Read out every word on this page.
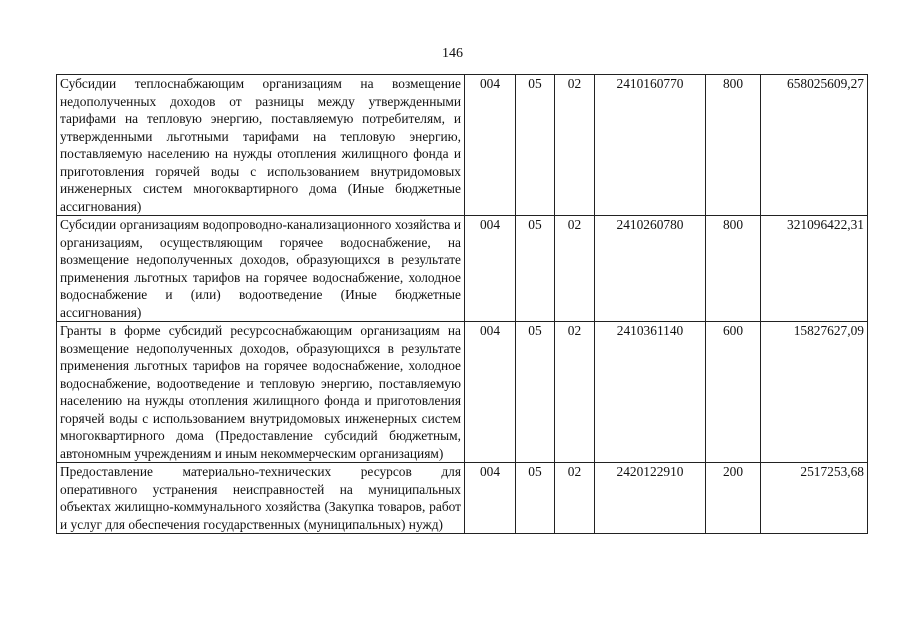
146
Субсидии теплоснабжающим организациям на возмещение недополученных доходов от разницы между утвержденными тарифами на тепловую энергию, поставляемую потребителям, и утвержденными льготными тарифами на тепловую энергию, поставляемую населению на нужды отопления жилищного фонда и приготовления горячей воды с использованием внутридомовых инженерных систем многоквартирного дома (Иные бюджетные ассигнования)	004	05	02	2410160770	800	658025609,27
Субсидии организациям водопроводно-канализационного хозяйства и организациям, осуществляющим горячее водоснабжение, на возмещение недополученных доходов, образующихся в результате применения льготных тарифов на горячее водоснабжение, холодное водоснабжение и (или) водоотведение (Иные бюджетные ассигнования)	004	05	02	2410260780	800	321096422,31
Гранты в форме субсидий ресурсоснабжающим организациям на возмещение недополученных доходов, образующихся в результате применения льготных тарифов на горячее водоснабжение, холодное водоснабжение, водоотведение и тепловую энергию, поставляемую населению на нужды отопления жилищного фонда и приготовления горячей воды с использованием внутридомовых инженерных систем многоквартирного дома (Предоставление субсидий бюджетным, автономным учреждениям и иным некоммерческим организациям)	004	05	02	2410361140	600	15827627,09
Предоставление материально-технических ресурсов для оперативного устранения неисправностей на муниципальных объектах жилищно-коммунального хозяйства (Закупка товаров, работ и услуг для обеспечения государственных (муниципальных) нужд)	004	05	02	2420122910	200	2517253,68
